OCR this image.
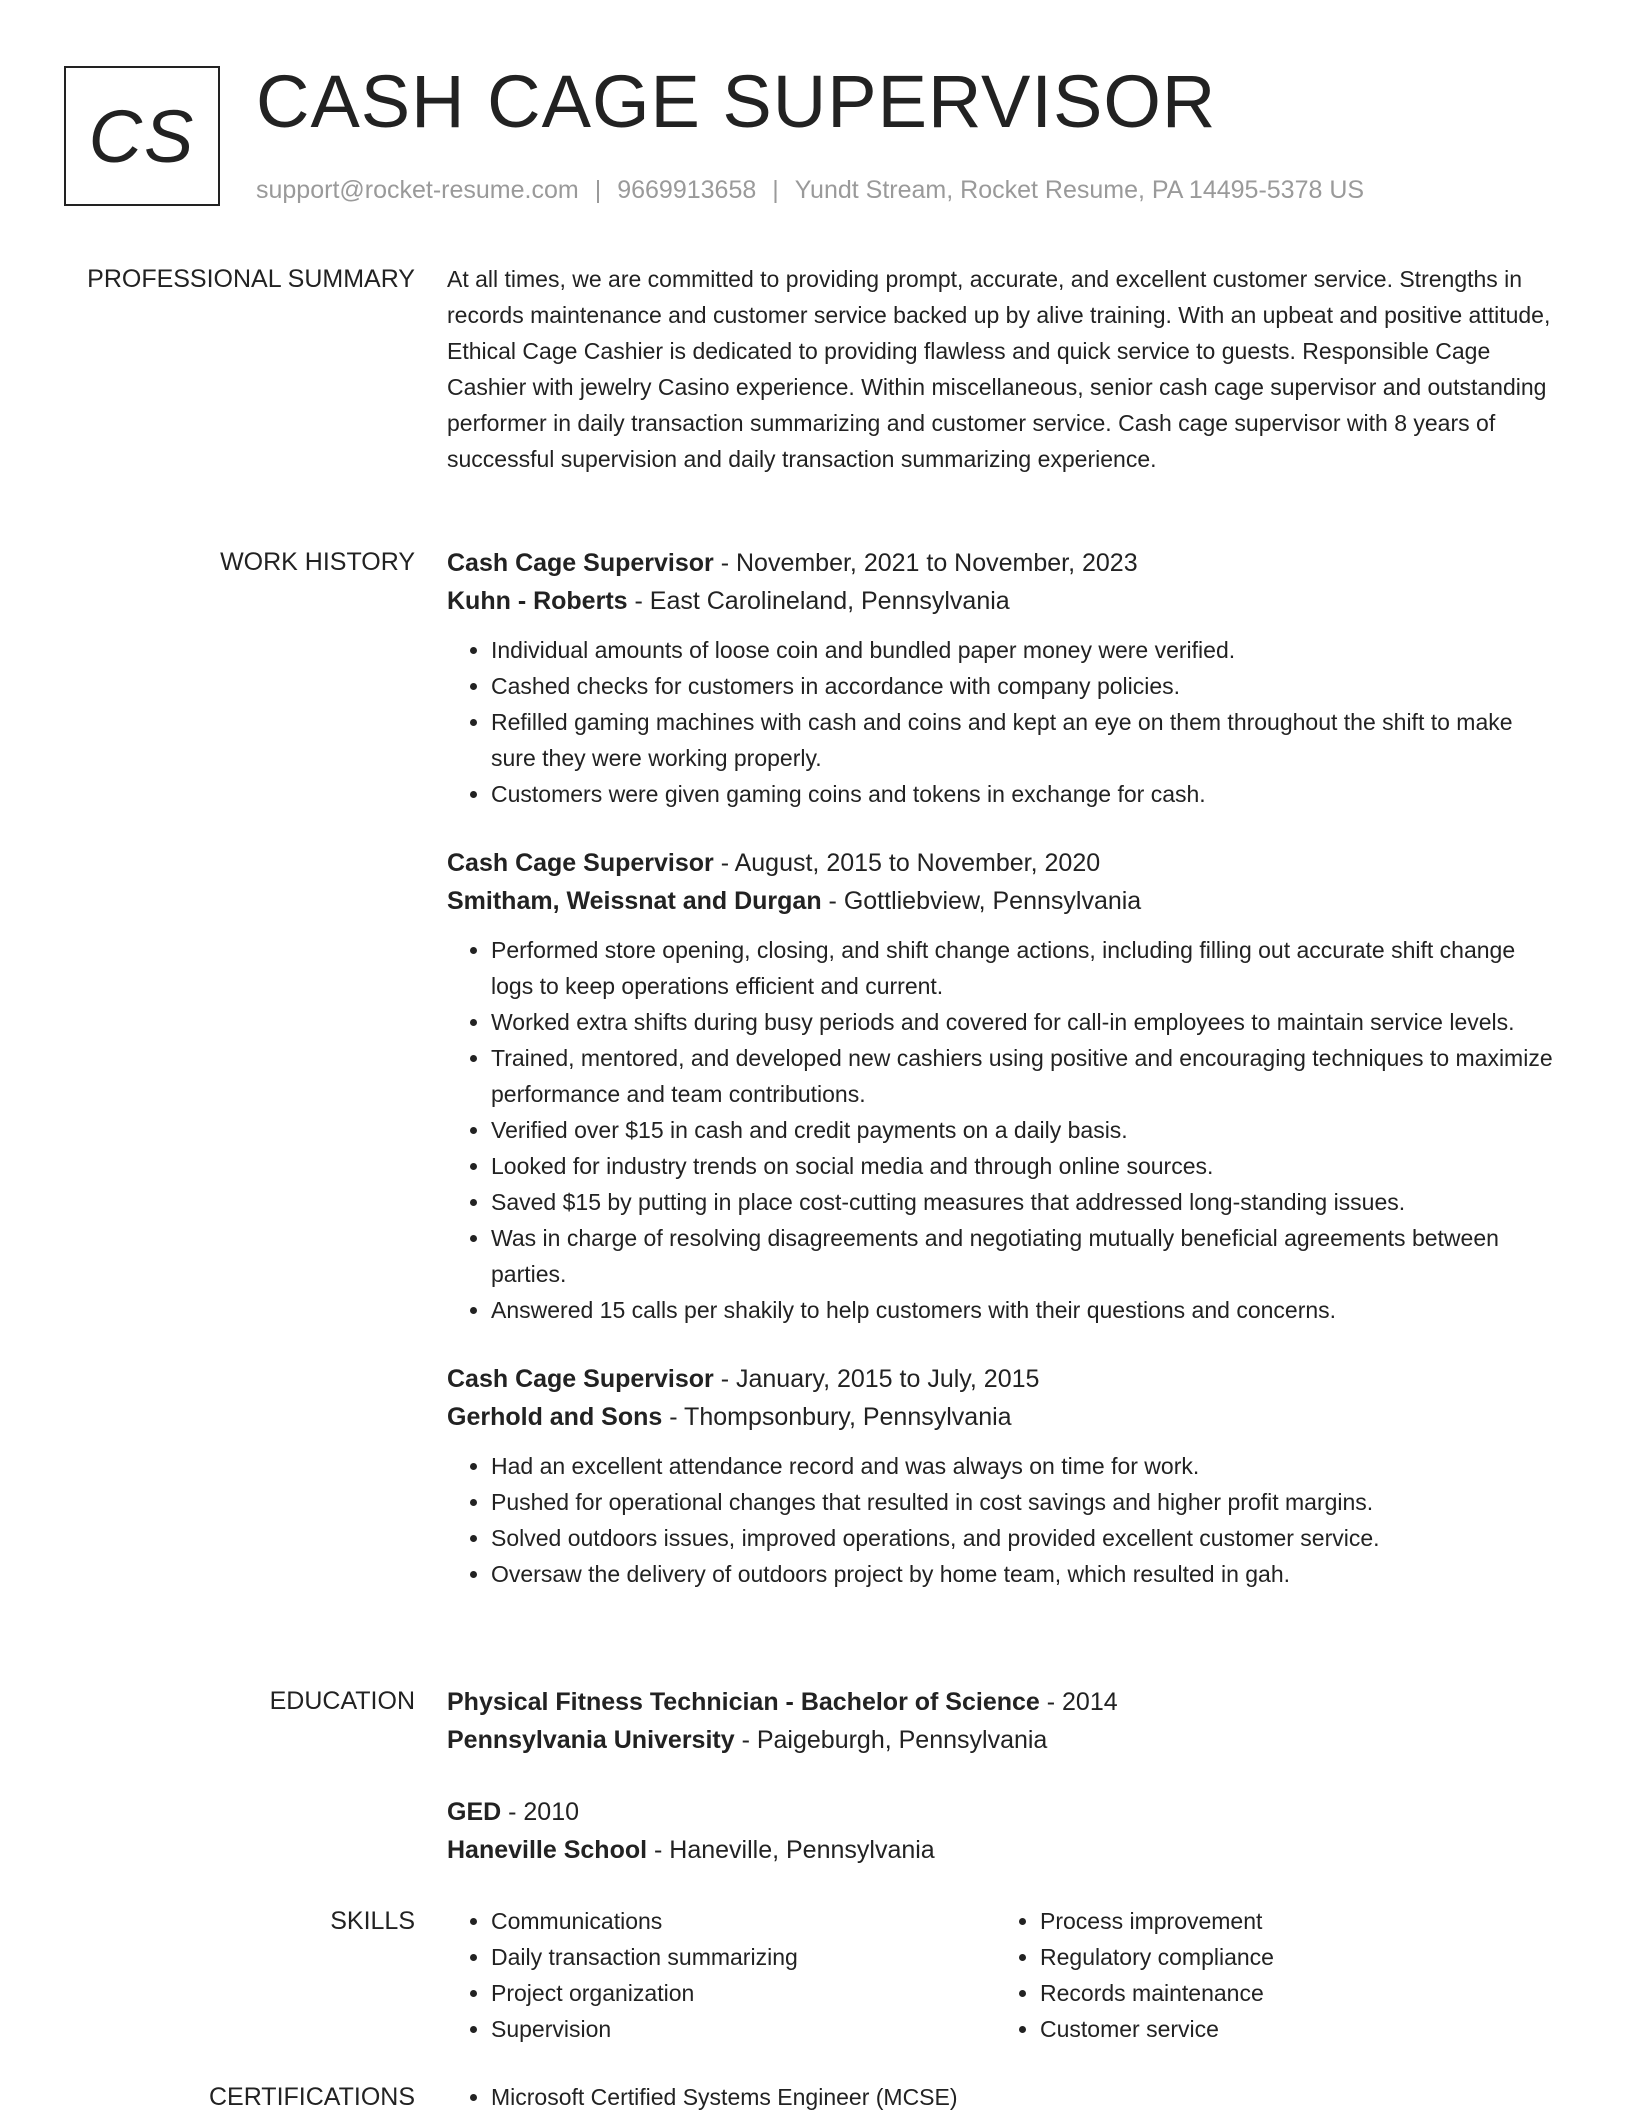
CS CASH CAGE SUPERVISOR
support@rocket-resume.com | 9669913658 | Yundt Stream, Rocket Resume, PA 14495-5378 US
PROFESSIONAL SUMMARY At all times, we are committed to providing prompt, accurate, and excellent customer service. Strengths in records maintenance and customer service backed up by alive training. With an upbeat and positive attitude, Ethical Cage Cashier is dedicated to providing flawless and quick service to guests. Responsible Cage Cashier with jewelry Casino experience. Within miscellaneous, senior cash cage supervisor and outstanding performer in daily transaction summarizing and customer service. Cash cage supervisor with 8 years of successful supervision and daily transaction summarizing experience.

WORK HISTORY Cash Cage Supervisor - November, 2021 to November, 2023
Kuhn - Roberts - East Carolineland, Pennsylvania
• Individual amounts of loose coin and bundled paper money were verified.
• Cashed checks for customers in accordance with company policies.
• Refilled gaming machines with cash and coins and kept an eye on them throughout the shift to make sure they were working properly.
• Customers were given gaming coins and tokens in exchange for cash.
Cash Cage Supervisor - August, 2015 to November, 2020
Smitham, Weissnat and Durgan - Gottliebview, Pennsylvania
• Performed store opening, closing, and shift change actions, including filling out accurate shift change logs to keep operations efficient and current.
• Worked extra shifts during busy periods and covered for call-in employees to maintain service levels.
• Trained, mentored, and developed new cashiers using positive and encouraging techniques to maximize performance and team contributions.
• Verified over $15 in cash and credit payments on a daily basis.
• Looked for industry trends on social media and through online sources.
• Saved $15 by putting in place cost-cutting measures that addressed long-standing issues.
• Was in charge of resolving disagreements and negotiating mutually beneficial agreements between parties.
• Answered 15 calls per shakily to help customers with their questions and concerns.
Cash Cage Supervisor - January, 2015 to July, 2015
Gerhold and Sons - Thompsonbury, Pennsylvania
• Had an excellent attendance record and was always on time for work.
• Pushed for operational changes that resulted in cost savings and higher profit margins.
• Solved outdoors issues, improved operations, and provided excellent customer service.
• Oversaw the delivery of outdoors project by home team, which resulted in gah.
EDUCATION Physical Fitness Technician - Bachelor of Science - 2014
Pennsylvania University - Paigeburgh, Pennsylvania
GED - 2010
Haneville School - Haneville, Pennsylvania
SKILLS	• Communications
• Daily transaction summarizing
• Project organization
• Supervision
• Process improvement
• Regulatory compliance
• Records maintenance
• Customer service
CERTIFICATIONS	• Microsoft Certified Systems Engineer (MCSE)
